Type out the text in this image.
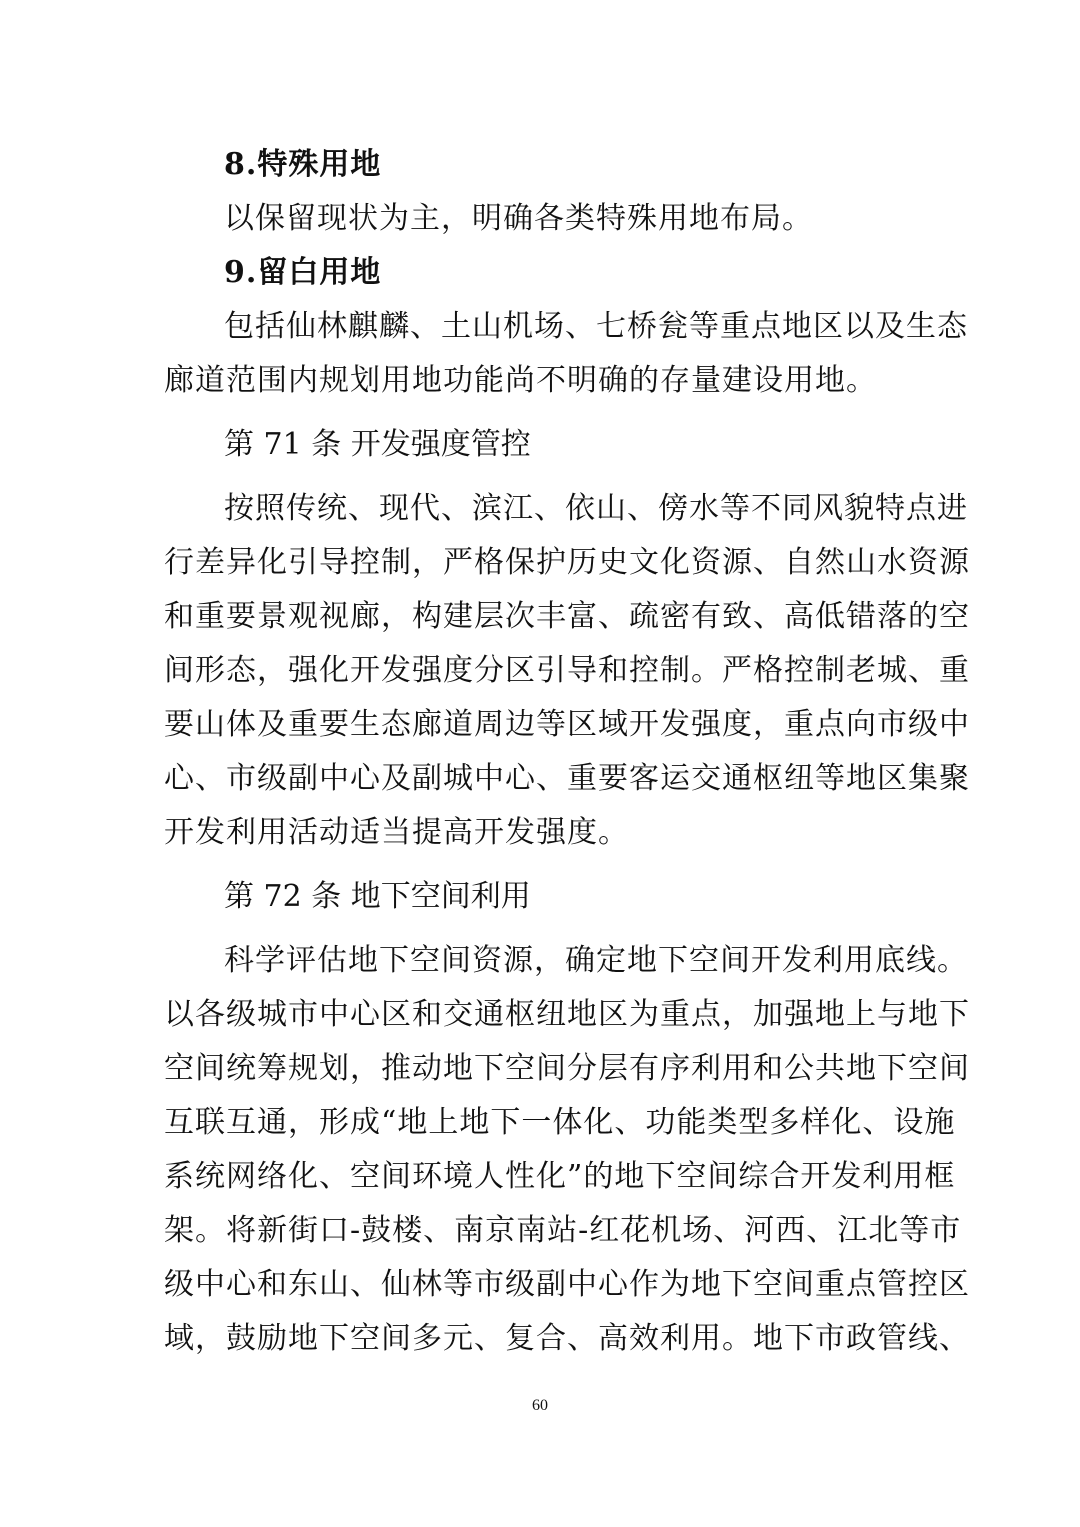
8.特殊用地
以保留现状为主，明确各类特殊用地布局。
9.留白用地
包括仙林麒麟、土山机场、七桥瓮等重点地区以及生态
廊道范围内规划用地功能尚不明确的存量建设用地。
第 71 条 开发强度管控
按照传统、现代、滨江、依山、傍水等不同风貌特点进
行差异化引导控制，严格保护历史文化资源、自然山水资源
和重要景观视廊，构建层次丰富、疏密有致、高低错落的空
间形态，强化开发强度分区引导和控制。严格控制老城、重
要山体及重要生态廊道周边等区域开发强度，重点向市级中
心、市级副中心及副城中心、重要客运交通枢纽等地区集聚
开发利用活动适当提高开发强度。
第 72 条 地下空间利用
科学评估地下空间资源，确定地下空间开发利用底线。
以各级城市中心区和交通枢纽地区为重点，加强地上与地下
空间统筹规划，推动地下空间分层有序利用和公共地下空间
互联互通，形成“地上地下一体化、功能类型多样化、设施
系统网络化、空间环境人性化”的地下空间综合开发利用框
架。将新街口-鼓楼、南京南站-红花机场、河西、江北等市
级中心和东山、仙林等市级副中心作为地下空间重点管控区
域，鼓励地下空间多元、复合、高效利用。地下市政管线、
60
